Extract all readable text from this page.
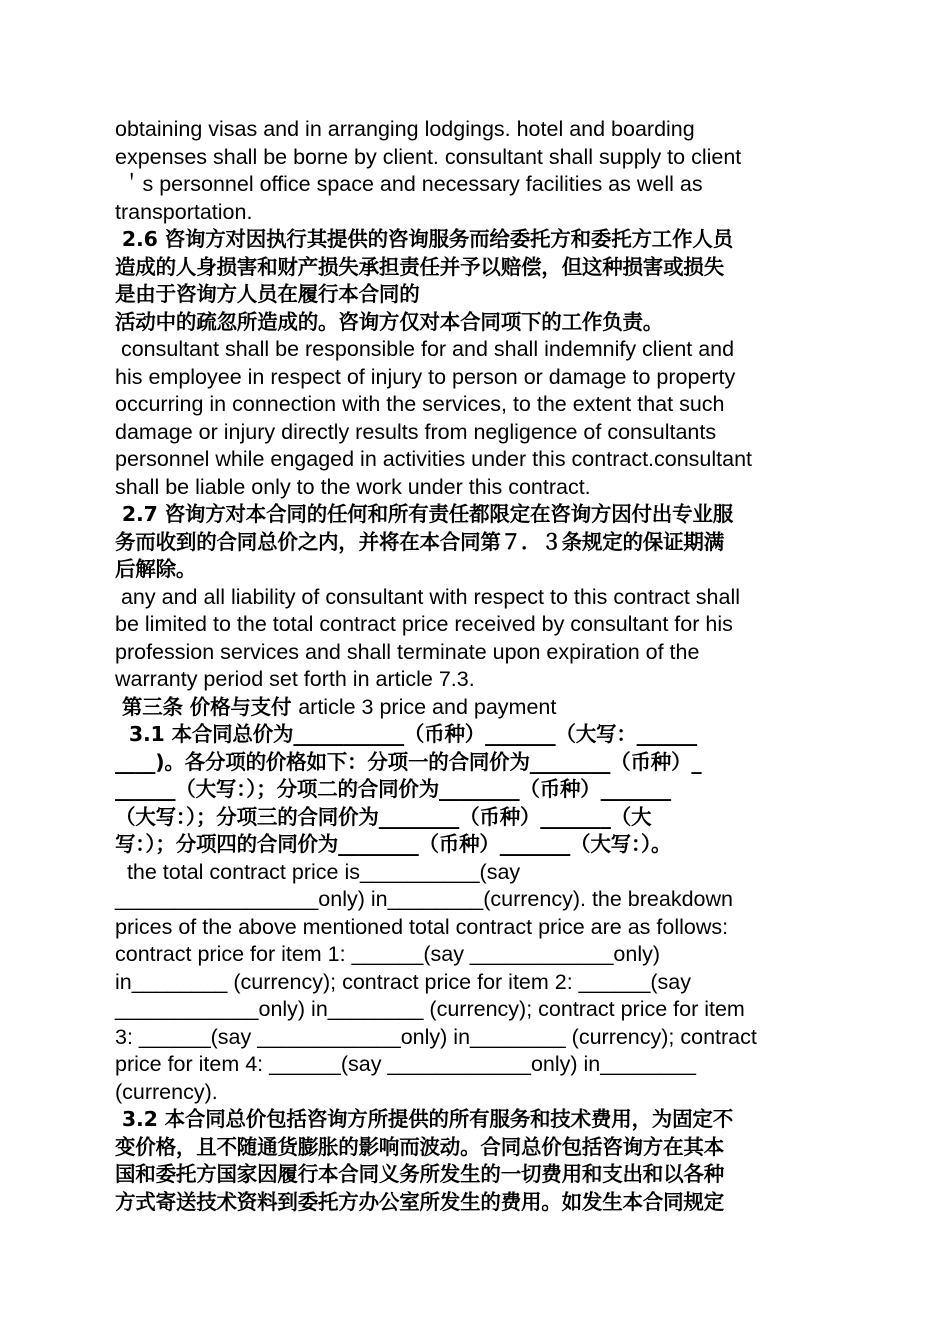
obtaining visas and in arranging lodgings. hotel and boarding
expenses shall be borne by client. consultant shall supply to client
＇s personnel office space and necessary facilities as well as
transportation.
2.6 咨询方对因执行其提供的咨询服务而给委托方和委托方工作人员
造成的人身损害和财产损失承担责任并予以赔偿，但这种损害或损失
是由于咨询方人员在履行本合同的
活动中的疏忽所造成的。咨询方仅对本合同项下的工作负责。
consultant shall be responsible for and shall indemnify client and
his employee in respect of injury to person or damage to property
occurring in connection with the services, to the extent that such
damage or injury directly results from negligence of consultants
personnel while engaged in activities under this contract.consultant
shall be liable only to the work under this contract.
2.7 咨询方对本合同的任何和所有责任都限定在咨询方因付出专业服
务而收到的合同总价之内，并将在本合同第７．３条规定的保证期满
后解除。
any and all liability of consultant with respect to this contract shall
be limited to the total contract price received by consultant for his
profession services and shall terminate upon expiration of the
warranty period set forth in article 7.3.
第三条 价格与支付 article 3 price and payment
3.1 本合同总价为___________（币种）_______（大写：______
____)。各分项的价格如下：分项一的合同价为________（币种）_
______（大写：）；分项二的合同价为________（币种）_______
（大写：）；分项三的合同价为________（币种）_______（大
写：）；分项四的合同价为________（币种）_______（大写：）。
the total contract price is__________(say
_________________only) in________(currency). the breakdown
prices of the above mentioned total contract price are as follows:
contract price for item 1: ______(say ____________only)
in________ (currency); contract price for item 2: ______(say
____________only) in________ (currency); contract price for item
3: ______(say ____________only) in________ (currency); contract
price for item 4: ______(say ____________only) in________
(currency).
3.2 本合同总价包括咨询方所提供的所有服务和技术费用，为固定不
变价格，且不随通货膨胀的影响而波动。合同总价包括咨询方在其本
国和委托方国家因履行本合同义务所发生的一切费用和支出和以各种
方式寄送技术资料到委托方办公室所发生的费用。如发生本合同规定
